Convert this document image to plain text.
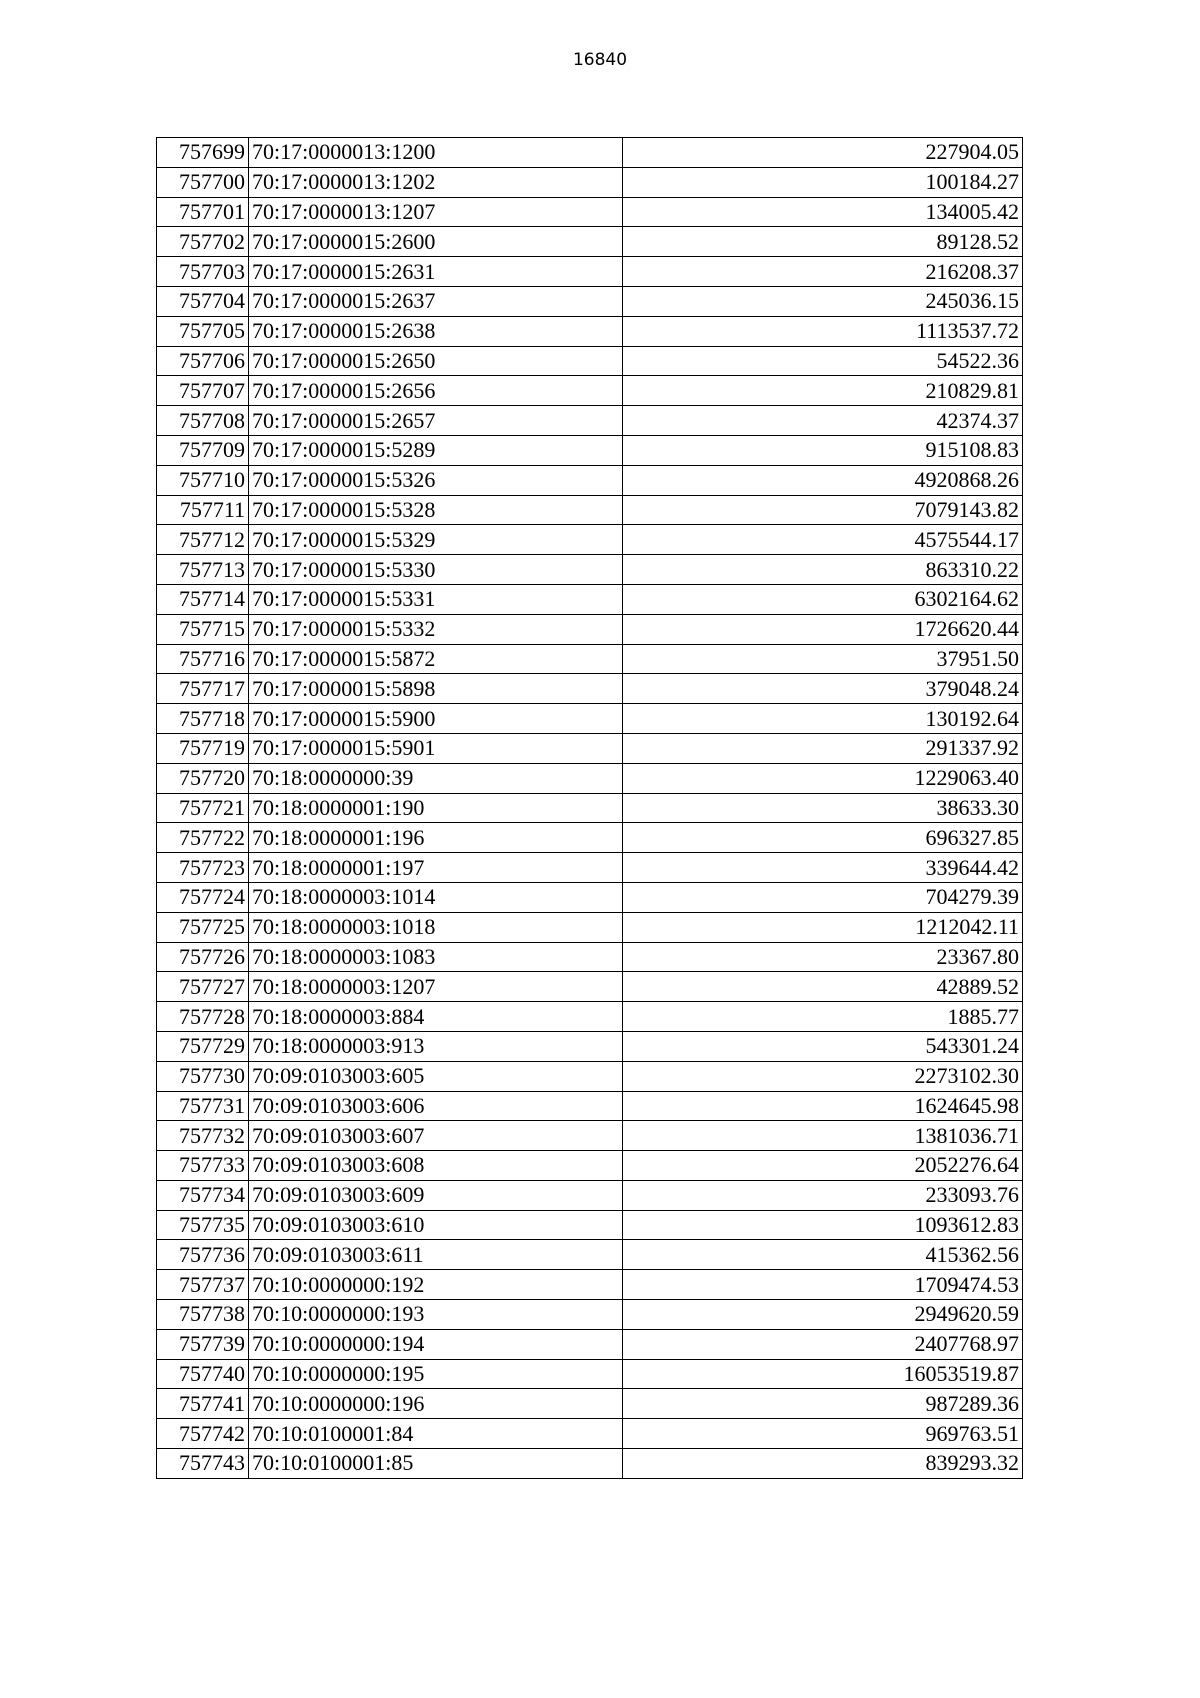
16840
757699	70:17:0000013:1200	227904.05
757700	70:17:0000013:1202	100184.27
757701	70:17:0000013:1207	134005.42
757702	70:17:0000015:2600	89128.52
757703	70:17:0000015:2631	216208.37
757704	70:17:0000015:2637	245036.15
757705	70:17:0000015:2638	1113537.72
757706	70:17:0000015:2650	54522.36
757707	70:17:0000015:2656	210829.81
757708	70:17:0000015:2657	42374.37
757709	70:17:0000015:5289	915108.83
757710	70:17:0000015:5326	4920868.26
757711	70:17:0000015:5328	7079143.82
757712	70:17:0000015:5329	4575544.17
757713	70:17:0000015:5330	863310.22
757714	70:17:0000015:5331	6302164.62
757715	70:17:0000015:5332	1726620.44
757716	70:17:0000015:5872	37951.50
757717	70:17:0000015:5898	379048.24
757718	70:17:0000015:5900	130192.64
757719	70:17:0000015:5901	291337.92
757720	70:18:0000000:39	1229063.40
757721	70:18:0000001:190	38633.30
757722	70:18:0000001:196	696327.85
757723	70:18:0000001:197	339644.42
757724	70:18:0000003:1014	704279.39
757725	70:18:0000003:1018	1212042.11
757726	70:18:0000003:1083	23367.80
757727	70:18:0000003:1207	42889.52
757728	70:18:0000003:884	1885.77
757729	70:18:0000003:913	543301.24
757730	70:09:0103003:605	2273102.30
757731	70:09:0103003:606	1624645.98
757732	70:09:0103003:607	1381036.71
757733	70:09:0103003:608	2052276.64
757734	70:09:0103003:609	233093.76
757735	70:09:0103003:610	1093612.83
757736	70:09:0103003:611	415362.56
757737	70:10:0000000:192	1709474.53
757738	70:10:0000000:193	2949620.59
757739	70:10:0000000:194	2407768.97
757740	70:10:0000000:195	16053519.87
757741	70:10:0000000:196	987289.36
757742	70:10:0100001:84	969763.51
757743	70:10:0100001:85	839293.32
